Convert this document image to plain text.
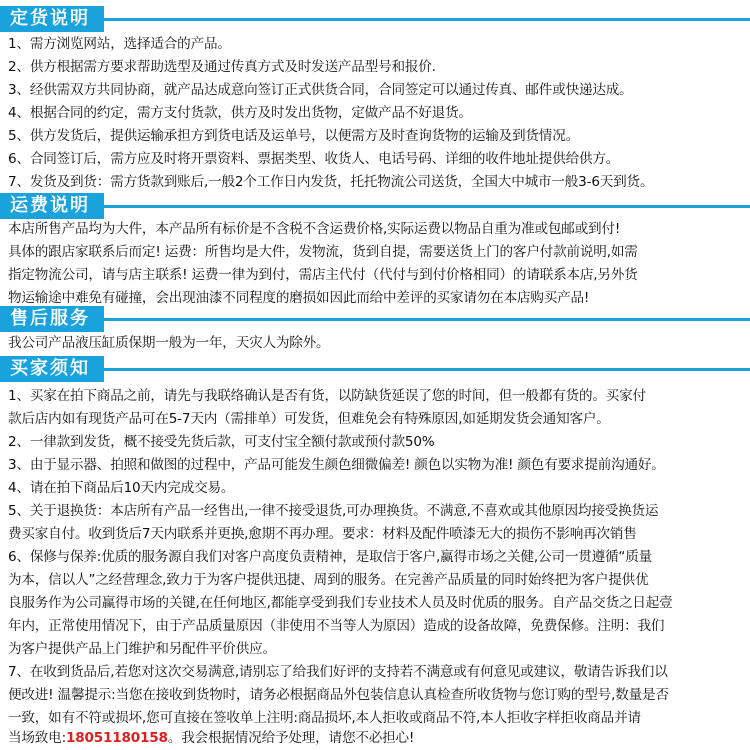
定货说明
1、需方浏览网站，选择适合的产品。
2、供方根据需方要求帮助选型及通过传真方式及时发送产品型号和报价.
3、经供需双方共同协商，就产品达成意向签订正式供货合同，合同签定可以通过传真、邮件或快递达成。
4、根据合同的约定，需方支付货款，供方及时发出货物，定做产品不好退货。
5、供方发货后，提供运输承担方到货电话及运单号，以便需方及时查询货物的运输及到货情况。
6、合同签订后，需方应及时将开票资料、票据类型、收货人、电话号码、详细的收件地址提供给供方。
7、发货及到货：需方货款到账后,一般2个工作日内发货，托托物流公司送货，全国大中城市一般3-6天到货。
运费说明
本店所售产品均为大件，本产品所有标价是不含税不含运费价格,实际运费以物品自重为准或包邮或到付!
具体的跟店家联系后而定! 运费：所售均是大件，发物流，货到自提，需要送货上门的客户付款前说明,如需
指定物流公司，请与店主联系! 运费一律为到付，需店主代付（代付与到付价格相同）的请联系本店,另外货
物运输途中难免有碰撞，会出现油漆不同程度的磨损如因此而给中差评的买家请勿在本店购买产品!
售后服务
我公司产品液压缸质保期一般为一年，天灾人为除外。
买家须知
1、买家在拍下商品之前，请先与我联络确认是否有货，以防缺货延误了您的时间，但一般都有货的。买家付
款后店内如有现货产品可在5-7天内（需排单）可发货，但难免会有特殊原因,如延期发货会通知客户。
2、一律款到发货，概不接受先货后款，可支付宝全额付款或预付款50%
3、由于显示器、拍照和做图的过程中，产品可能发生颜色细微偏差! 颜色以实物为准! 颜色有要求提前沟通好。
4、请在拍下商品后10天内完成交易。
5、关于退换货：本店所有产品一经售出,一律不接受退货,可办理换货。不满意,不喜欢或其他原因均接受换货运
费买家自付。收到货后7天内联系并更换,愈期不再办理。要求：材料及配件喷漆无大的损伤不影响再次销售
6、保修与保养:优质的服务源自我们对客户高度负责精神，是取信于客户,赢得市场之关健,公司一贯遵循“质量
为本，信以人”之经营理念,致力于为客户提供迅捷、周到的服务。在完善产品质量的同时始终把为客户提供优
良服务作为公司赢得市场的关键,在任何地区,都能享受到我们专业技术人员及时优质的服务。自产品交货之日起壹
年内，正常使用情况下，由于产品质量原因（非使用不当等人为原因）造成的设备故障，免费保修。注明：我们
为客户提供产品上门维护和另配件平价供应。
7、在收到货品后,若您对这次交易满意,请别忘了给我们好评的支持若不满意或有何意见或建议，敬请告诉我们以
便改进! 温馨提示:当您在接收到货物时，请务必根据商品外包装信息认真检查所收货物与您订购的型号,数量是否
一致，如有不符或损坏,您可直接在签收单上注明:商品损坏,本人拒收或商品不符,本人拒收字样拒收商品并请
当场致电:18051180158。我会根据情况给予处理，请您不必担心!
